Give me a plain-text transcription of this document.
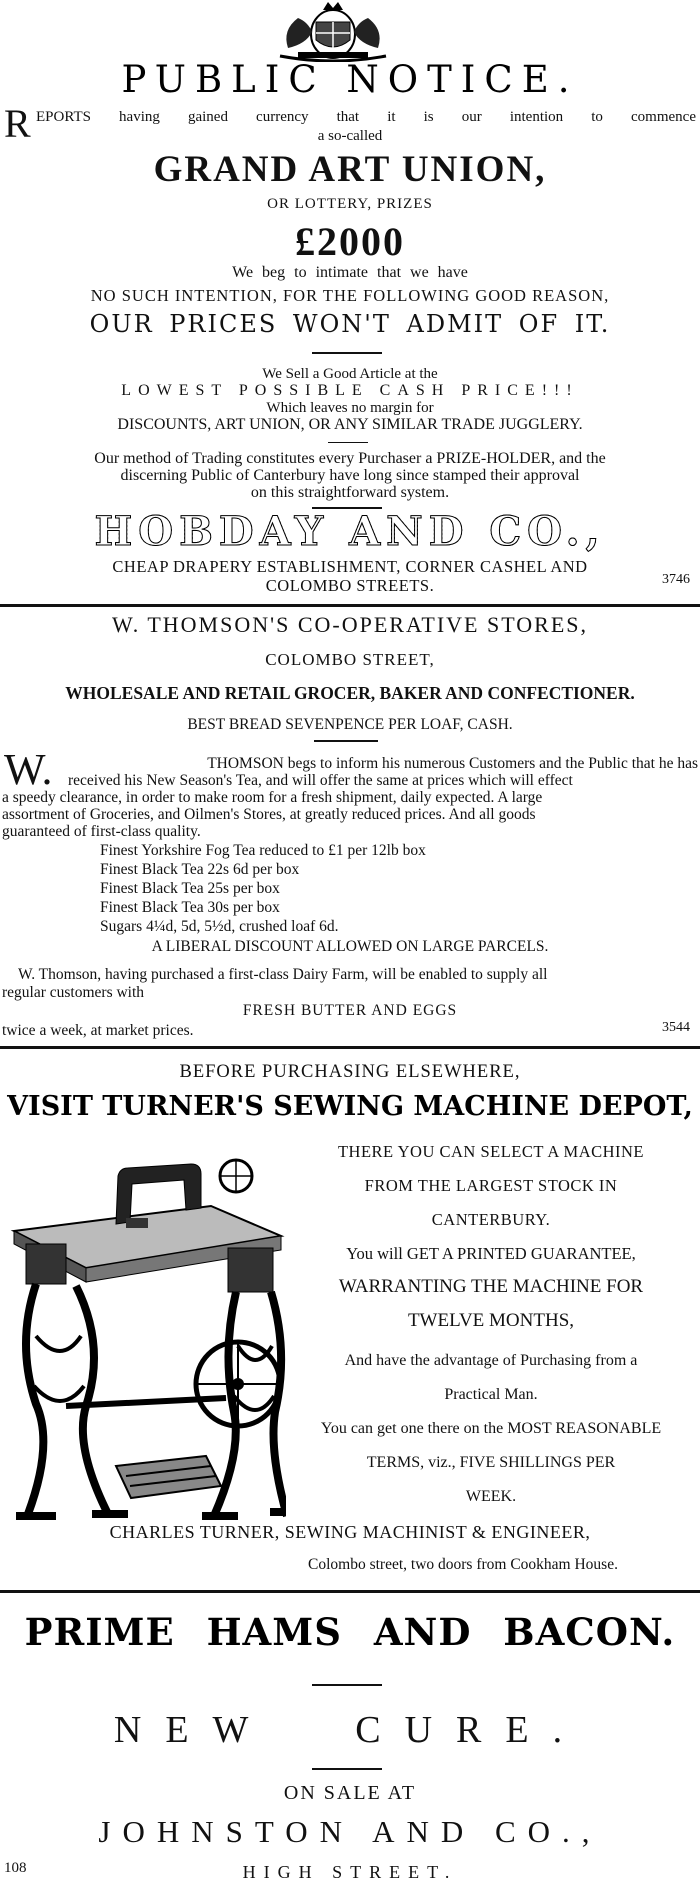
PUBLIC NOTICE.
R EPORTS having gained currency that it is our intention to commence
a so-called
GRAND ART UNION,
OR LOTTERY, PRIZES
£2000
We beg to intimate that we have
NO SUCH INTENTION, FOR THE FOLLOWING GOOD REASON,
OUR PRICES WON'T ADMIT OF IT.
We Sell a Good Article at the
LOWEST POSSIBLE CASH PRICE!!!
Which leaves no margin for
DISCOUNTS, ART UNION, OR ANY SIMILAR TRADE JUGGLERY.
Our method of Trading constitutes every Purchaser a PRIZE-HOLDER, and the
discerning Public of Canterbury have long since stamped their approval
on this straightforward system.
HOBDAY AND CO.,
CHEAP DRAPERY ESTABLISHMENT, CORNER CASHEL AND
COLOMBO STREETS.	3746
W. THOMSON'S CO-OPERATIVE STORES,
COLOMBO STREET,
WHOLESALE AND RETAIL GROCER, BAKER AND CONFECTIONER.
BEST BREAD SEVENPENCE PER LOAF, CASH.
W.	THOMSON begs to inform his numerous Customers and the Public that he has
received his New Season's Tea, and will offer the same at prices which will effect
a speedy clearance, in order to make room for a fresh shipment, daily expected. A large
assortment of Groceries, and Oilmen's Stores, at greatly reduced prices. And all goods
guaranteed of first-class quality.
Finest Yorkshire Fog Tea reduced to £1 per 12lb box
Finest Black Tea 22s 6d per box
Finest Black Tea 25s per box
Finest Black Tea 30s per box
Sugars 4¼d, 5d, 5½d, crushed loaf 6d.
A LIBERAL DISCOUNT ALLOWED ON LARGE PARCELS.
W. Thomson, having purchased a first-class Dairy Farm, will be enabled to supply all
regular customers with
FRESH BUTTER AND EGGS
twice a week, at market prices.	3544
BEFORE PURCHASING ELSEWHERE,
VISIT TURNER'S SEWING MACHINE DEPOT,
THERE YOU CAN SELECT A MACHINE
FROM THE LARGEST STOCK IN
CANTERBURY.
You will GET A PRINTED GUARANTEE,
WARRANTING THE MACHINE FOR
TWELVE MONTHS,
And have the advantage of Purchasing from a
Practical Man.
You can get one there on the MOST REASONABLE
TERMS, viz., FIVE SHILLINGS PER
WEEK.
CHARLES TURNER, SEWING MACHINIST & ENGINEER,
Colombo street, two doors from Cookham House.
PRIME HAMS AND BACON.
NEW CURE.
ON SALE AT
JOHNSTON AND CO.,
108	HIGH STREET.
